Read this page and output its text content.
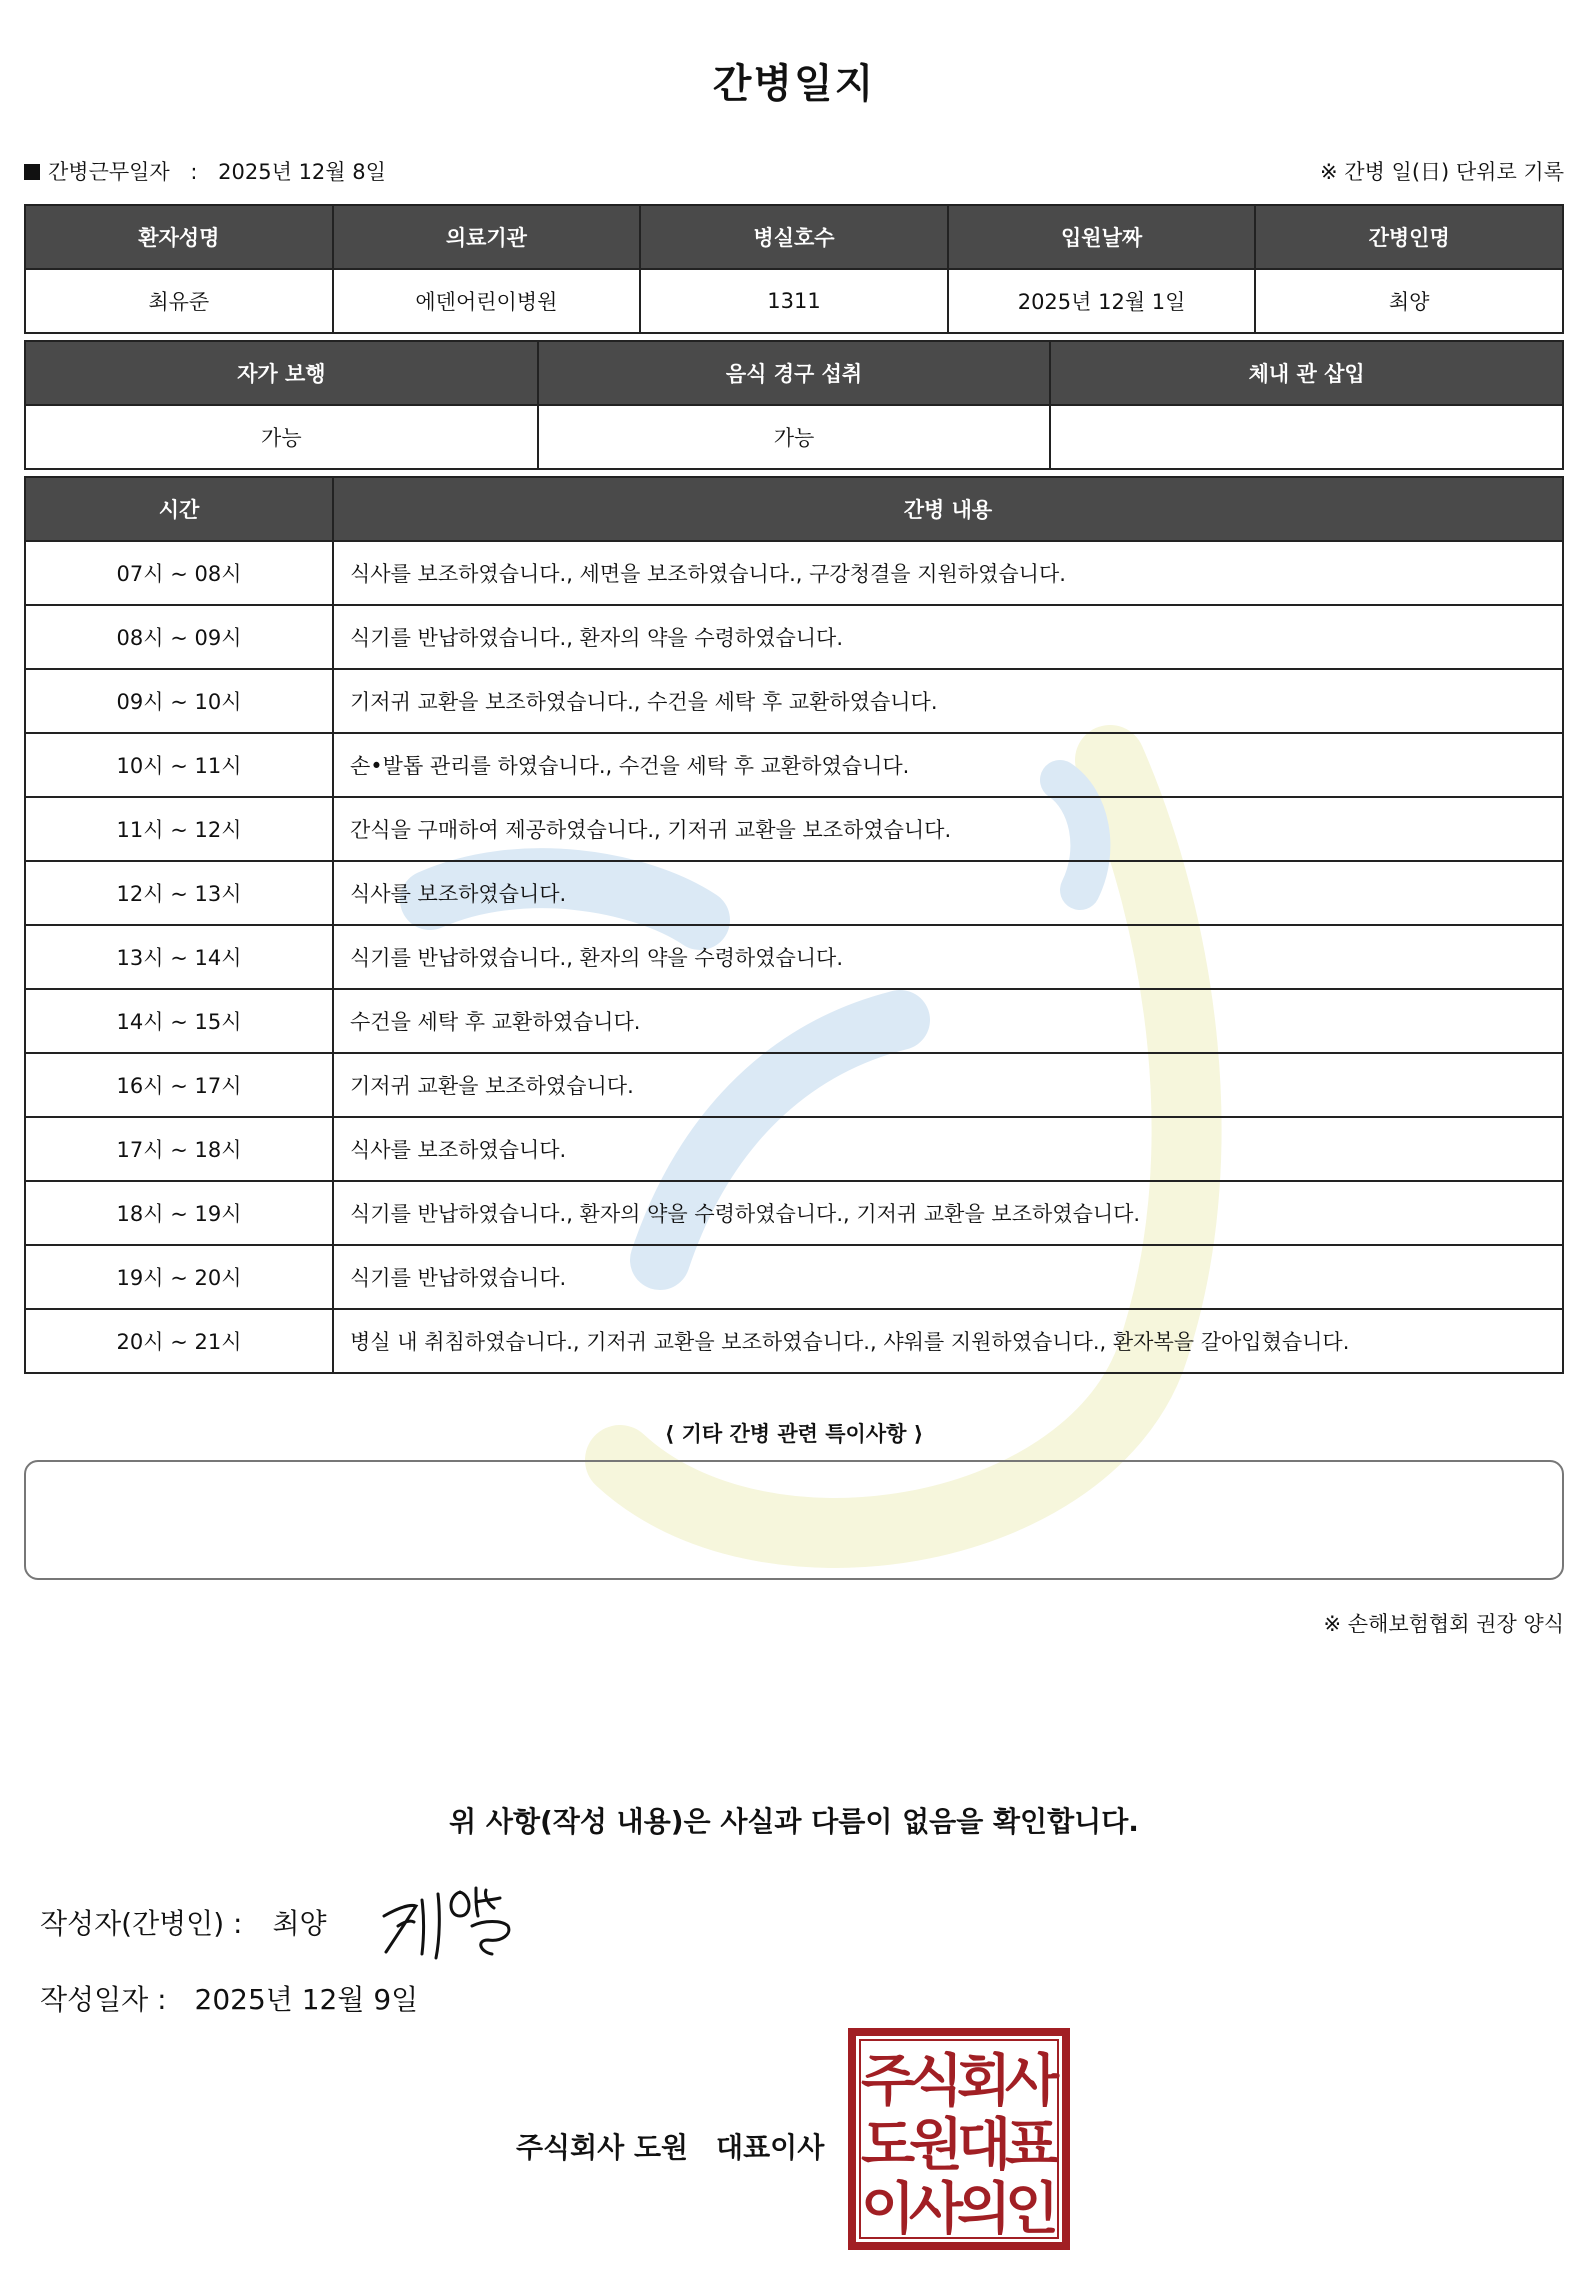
간병일지
간병근무일자 : 2025년 12월 8일	※ 간병 일(日) 단위로 기록
환자성명	의료기관	병실호수	입원날짜	간병인명
최유준	에덴어린이병원	1311	2025년 12월 1일	최양
자가 보행	음식 경구 섭취	체내 관 삽입
가능	가능	
시간	간병 내용
07시 ~ 08시	식사를 보조하였습니다., 세면을 보조하였습니다., 구강청결을 지원하였습니다.
08시 ~ 09시	식기를 반납하였습니다., 환자의 약을 수령하였습니다.
09시 ~ 10시	기저귀 교환을 보조하였습니다., 수건을 세탁 후 교환하였습니다.
10시 ~ 11시	손•발톱 관리를 하였습니다., 수건을 세탁 후 교환하였습니다.
11시 ~ 12시	간식을 구매하여 제공하였습니다., 기저귀 교환을 보조하였습니다.
12시 ~ 13시	식사를 보조하였습니다.
13시 ~ 14시	식기를 반납하였습니다., 환자의 약을 수령하였습니다.
14시 ~ 15시	수건을 세탁 후 교환하였습니다.
16시 ~ 17시	기저귀 교환을 보조하였습니다.
17시 ~ 18시	식사를 보조하였습니다.
18시 ~ 19시	식기를 반납하였습니다., 환자의 약을 수령하였습니다., 기저귀 교환을 보조하였습니다.
19시 ~ 20시	식기를 반납하였습니다.
20시 ~ 21시	병실 내 취침하였습니다., 기저귀 교환을 보조하였습니다., 샤워를 지원하였습니다., 환자복을 갈아입혔습니다.
⟨ 기타 간병 관련 특이사항 ⟩
※ 손해보험협회 권장 양식
위 사항(작성 내용)은 사실과 다름이 없음을 확인합니다.
작성자(간병인) : 최양
작성일자 : 2025년 12월 9일
주식회사 도원 대표이사
주
식
회
사
도
원
대
표
이
사
의
인
